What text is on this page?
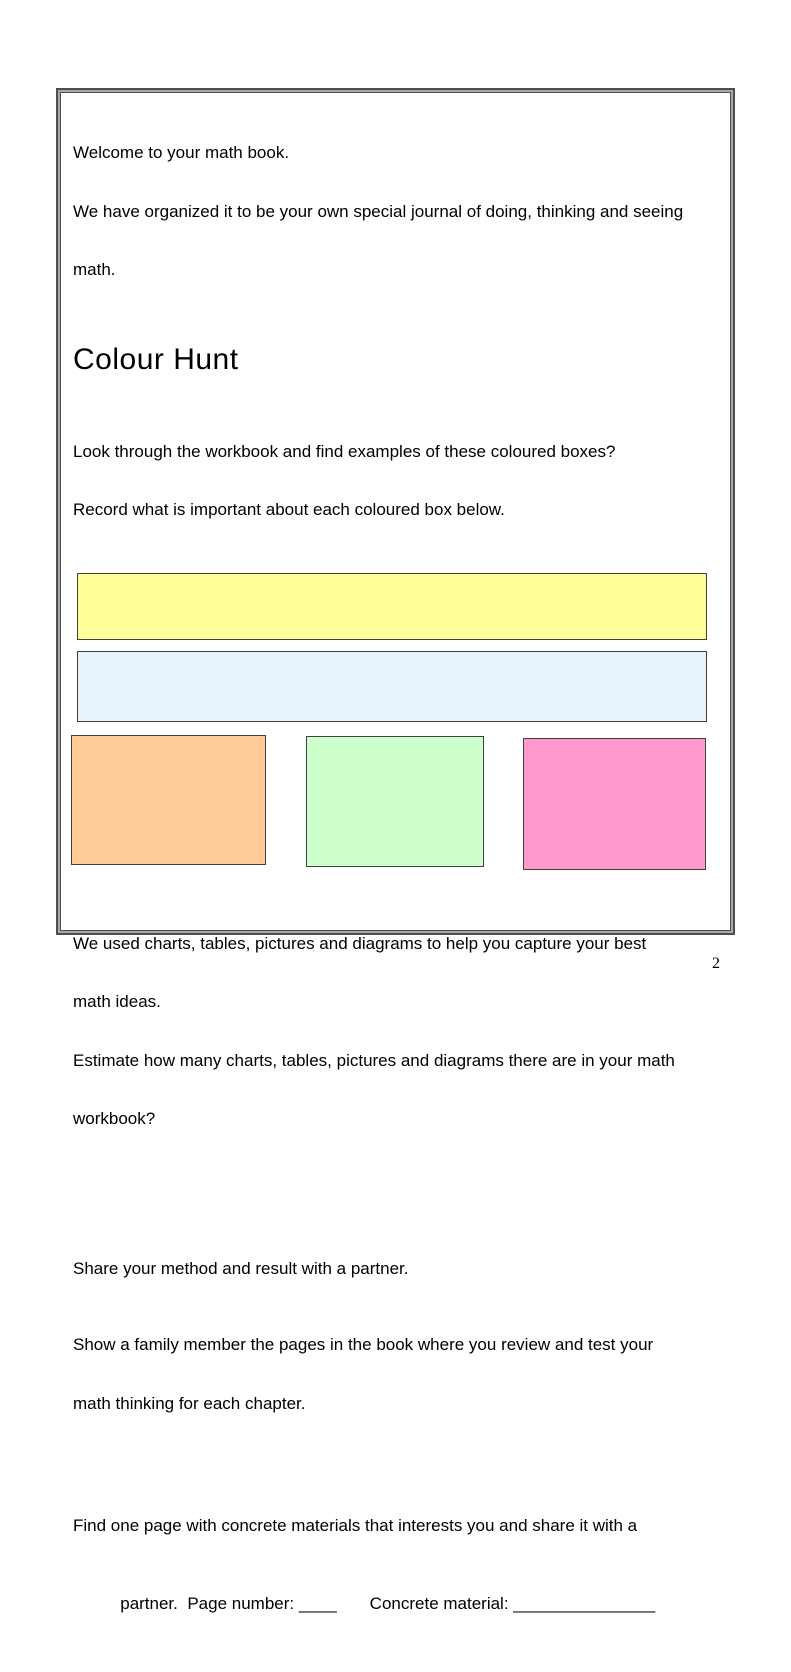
Welcome to your math book.

We have organized it to be your own special journal of doing, thinking and seeing

math.

Colour Hunt

Look through the workbook and find examples of these coloured boxes?

Record what is important about each coloured box below.

We used charts, tables, pictures and diagrams to help you capture your best

math ideas.

Estimate how many charts, tables, pictures and diagrams there are in your math

workbook?

Share your method and result with a partner.

Show a family member the pages in the book where you review and test your

math thinking for each chapter.

Find one page with concrete materials that interests you and share it with a

partner.  Page number: ____ Concrete material: _______________

2
